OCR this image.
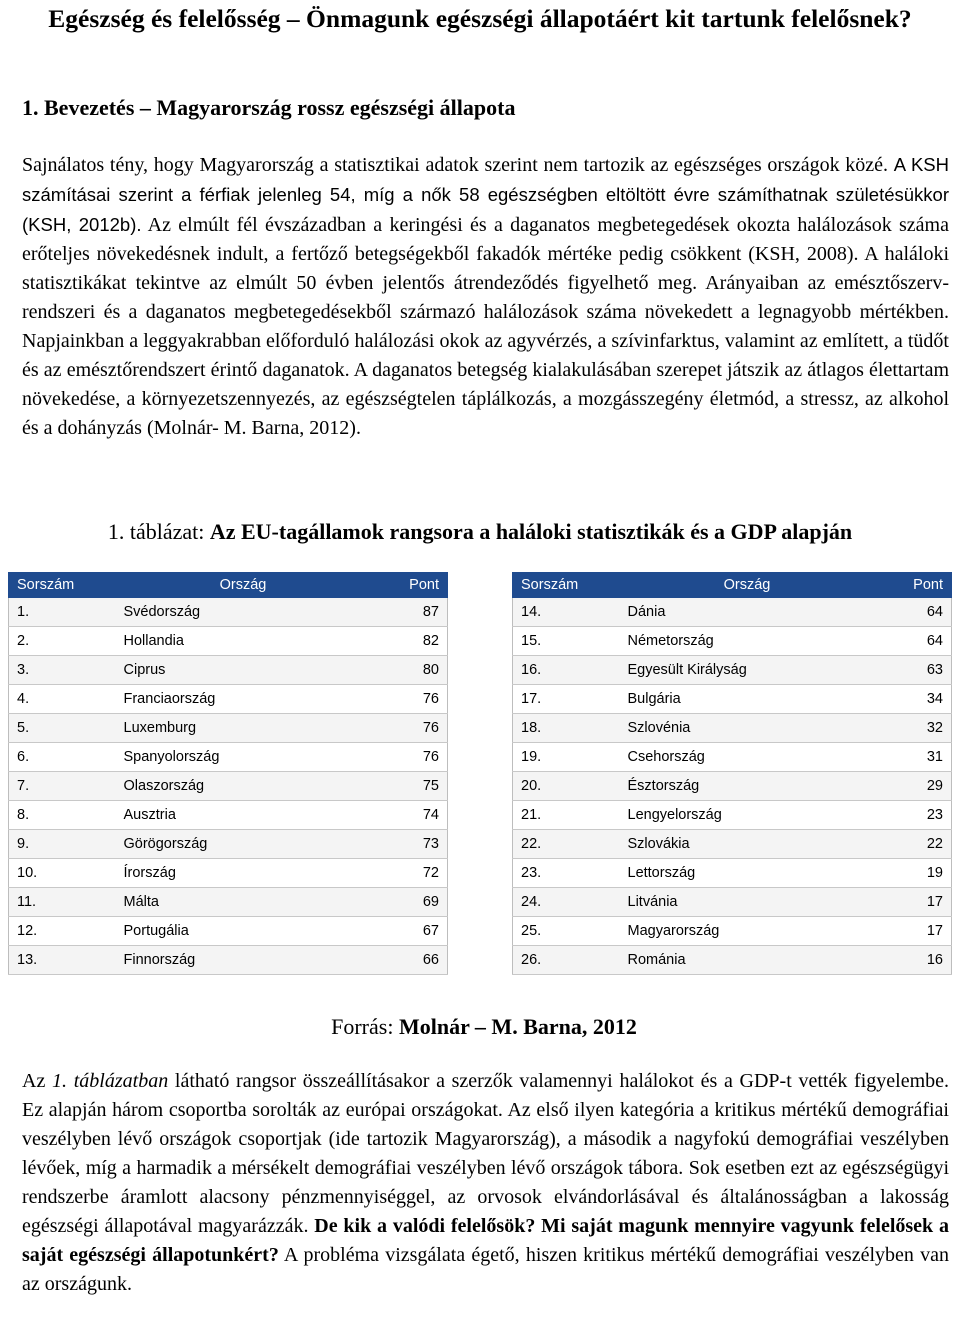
Egészség és felelősség – Önmagunk egészségi állapotáért kit tartunk felelősnek?
1. Bevezetés – Magyarország rossz egészségi állapota

Sajnálatos tény, hogy Magyarország a statisztikai adatok szerint nem tartozik az egészséges országok közé. A KSH számításai szerint a férfiak jelenleg 54, míg a nők 58 egészségben eltöltött évre számíthatnak születésükkor (KSH, 2012b). Az elmúlt fél évszázadban a keringési és a daganatos megbetegedések okozta halálozások száma erőteljes növekedésnek indult, a fertőző betegségekből fakadók mértéke pedig csökkent (KSH, 2008). A haláloki statisztikákat tekintve az elmúlt 50 évben jelentős átrendeződés figyelhető meg. Arányaiban az emésztőszerv-rendszeri és a daganatos megbetegedésekből származó halálozások száma növekedett a legnagyobb mértékben. Napjainkban a leggyakrabban előforduló halálozási okok az agyvérzés, a szívinfarktus, valamint az említett, a tüdőt és az emésztőrendszert érintő daganatok. A daganatos betegség kialakulásában szerepet játszik az átlagos élettartam növekedése, a környezetszennyezés, az egészségtelen táplálkozás, a mozgásszegény életmód, a stressz, az alkohol és a dohányzás (Molnár- M. Barna, 2012).

1. táblázat: Az EU-tagállamok rangsora a haláloki statisztikák és a GDP alapján
Sorszám	Ország	Pont
1.	Svédország	87
2.	Hollandia	82
3.	Ciprus	80
4.	Franciaország	76
5.	Luxemburg	76
6.	Spanyolország	76
7.	Olaszország	75
8.	Ausztria	74
9.	Görögország	73
10.	Írország	72
11.	Málta	69
12.	Portugália	67
13.	Finnország	66
Sorszám	Ország	Pont
14.	Dánia	64
15.	Németország	64
16.	Egyesült Királyság	63
17.	Bulgária	34
18.	Szlovénia	32
19.	Csehország	31
20.	Észtország	29
21.	Lengyelország	23
22.	Szlovákia	22
23.	Lettország	19
24.	Litvánia	17
25.	Magyarország	17
26.	Románia	16
Forrás: Molnár – M. Barna, 2012

Az 1. táblázatban látható rangsor összeállításakor a szerzők valamennyi halálokot és a GDP-t vették figyelembe. Ez alapján három csoportba sorolták az európai országokat. Az első ilyen kategória a kritikus mértékű demográfiai veszélyben lévő országok csoportjak (ide tartozik Magyarország), a második a nagyfokú demográfiai veszélyben lévőek, míg a harmadik a mérsékelt demográfiai veszélyben lévő országok tábora. Sok esetben ezt az egészségügyi rendszerbe áramlott alacsony pénzmennyiséggel, az orvosok elvándorlásával és általánosságban a lakosság egészségi állapotával magyarázzák. De kik a valódi felelősök? Mi saját magunk mennyire vagyunk felelősek a saját egészségi állapotunkért? A probléma vizsgálata égető, hiszen kritikus mértékű demográfiai veszélyben van az országunk.
